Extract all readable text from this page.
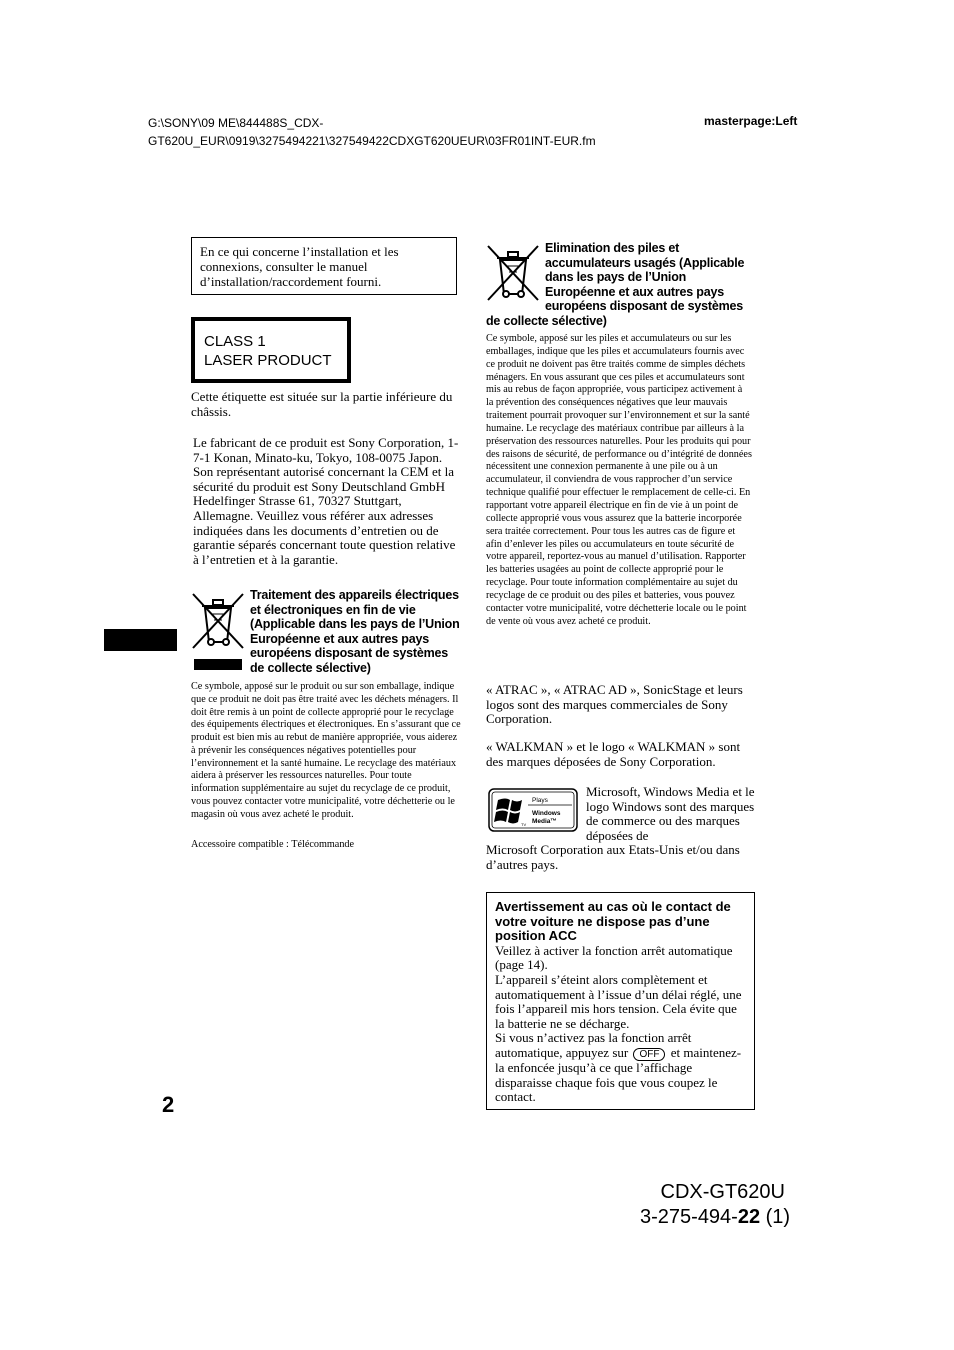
G:\SONY\09 ME\844488S_CDX-GT620U_EUR\0919\3275494221\327549422CDXGT620UEUR\03FR01INT-EUR.fm
masterpage:Left
En ce qui concerne l’installation et les connexions, consulter le manuel d’installation/raccordement fourni.
CLASS 1
LASER PRODUCT
Cette étiquette est située sur la partie inférieure du châssis.
Le fabricant de ce produit est Sony Corporation, 1-7-1 Konan, Minato-ku, Tokyo, 108-0075 Japon. Son représentant autorisé concernant la CEM et la sécurité du produit est Sony Deutschland GmbH Hedelfinger Strasse 61, 70327 Stuttgart, Allemagne. Veuillez vous référer aux adresses indiquées dans les documents d’entretien ou de garantie séparés concernant toute question relative à l’entretien et à la garantie.
Traitement des appareils électriques et électroniques en fin de vie (Applicable dans les pays de l’Union Européenne et aux autres pays européens disposant de systèmes de collecte sélective)
Ce symbole, apposé sur le produit ou sur son emballage, indique que ce produit ne doit pas être traité avec les déchets ménagers. Il doit être remis à un point de collecte approprié pour le recyclage des équipements électriques et électroniques. En s’assurant que ce produit est bien mis au rebut de manière appropriée, vous aiderez à prévenir les conséquences négatives potentielles pour l’environnement et la santé humaine. Le recyclage des matériaux aidera à préserver les ressources naturelles. Pour toute information supplémentaire au sujet du recyclage de ce produit, vous pouvez contacter votre municipalité, votre déchetterie ou le magasin où vous avez acheté le produit.
Accessoire compatible : Télécommande
Elimination des piles et accumulateurs usagés (Applicable dans les pays de l’Union Européenne et aux autres pays européens disposant de systèmes
de collecte sélective)
Ce symbole, apposé sur les piles et accumulateurs ou sur les emballages, indique que les piles et accumulateurs fournis avec ce produit ne doivent pas être traités comme de simples déchets ménagers. En vous assurant que ces piles et accumulateurs sont mis au rebus de façon appropriée, vous participez activement à la prévention des conséquences négatives que leur mauvais traitement pourrait provoquer sur l’environnement et sur la santé humaine. Le recyclage des matériaux contribue par ailleurs à la préservation des ressources naturelles. Pour les produits qui pour des raisons de sécurité, de performance ou d’intégrité de données nécessitent une connexion permanente à une pile ou à un accumulateur, il conviendra de vous rapprocher d’un service technique qualifié pour effectuer le remplacement de celle-ci. En rapportant votre appareil électrique en fin de vie à un point de collecte approprié vous vous assurez que la batterie incorporée sera traitée correctement. Pour tous les autres cas de figure et afin d’enlever les piles ou accumulateurs en toute sécurité de votre appareil, reportez-vous au manuel d’utilisation. Rapporter les batteries usagées au point de collecte approprié pour le recyclage. Pour toute information complémentaire au sujet du recyclage de ce produit ou des piles et batteries, vous pouvez contacter votre municipalité, votre déchetterie locale ou le point de vente où vous avez acheté ce produit.
« ATRAC », « ATRAC AD », SonicStage et leurs logos sont des marques commerciales de Sony Corporation.
« WALKMAN » et le logo « WALKMAN » sont des marques déposées de Sony Corporation.
Plays
Windows
Media™
TV
Microsoft, Windows Media et le logo Windows sont des marques de commerce ou des marques déposées de
Microsoft Corporation aux Etats-Unis et/ou dans d’autres pays.
Avertissement au cas où le contact de votre voiture ne dispose pas d’une position ACC
Veillez à activer la fonction arrêt automatique (page 14).
L’appareil s’éteint alors complètement et automatiquement à l’issue d’un délai réglé, une fois l’appareil mis hors tension. Cela évite que la batterie ne se décharge.
Si vous n’activez pas la fonction arrêt automatique, appuyez sur OFF et maintenez-la enfoncée jusqu’à ce que l’affichage disparaisse chaque fois que vous coupez le contact.
2
CDX-GT620U
3-275-494-22 (1)
